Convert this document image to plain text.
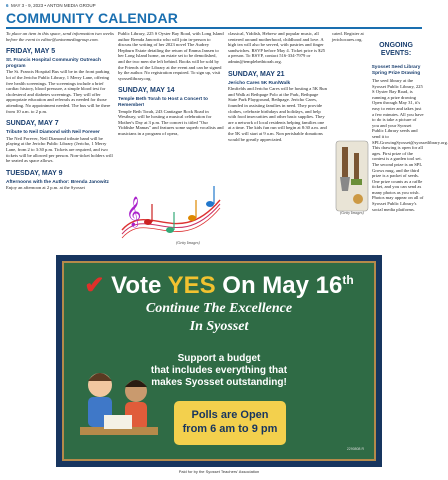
6 MAY 3 - 9, 2023 • ANTON MEDIA GROUP
COMMUNITY CALENDAR

To place an item in this space, send information two weeks before the event to editor@antonmediagroup.com.

FRIDAY, MAY 5
St. Francis Hospital Community Outreach program

The St. Francis Hospital Bus will be in the front parking lot of the Jericho Public Library, 1 Merry Lane, offering free health screenings. The screenings include a brief cardiac history, blood pressure, a simple blood test for cholesterol and diabetes screenings. They will offer appropriate education and referrals as needed for those attending. No appointment needed. The bus will be there from 10 a.m. to 2 p.m.

SUNDAY, MAY 7
Tribute to Neil Diamond with Neil Forever

The Neil Forever, Neil Diamond tribute band will be playing at the Jericho Public Library (Jericho, 1 Merry Lane, from 2 to 3:30 p.m. Tickets are required, and two tickets will be allowed per person. Non-ticket holders will be seated as space allows.

TUESDAY, MAY 9
Afternoons with the Author: Brenda Janowitz

Enjoy an afternoon at 2 p.m. at the Syosset

Public Library, 225 S Oyster Bay Road, with Long Island author Brenda Janowitz who will join in-person to discuss the writing of her 2023 novel The Audrey Hepburn Estate detailing the return of Emma Jansen to her Long Island home, an estate set to be demolished, and the two men she left behind. Books will be sold by the Friends of the Library at the event and can be signed by the author. No registration required. To sign up, visit syossetlibrary.org.

SUNDAY, MAY 14
Temple Beth Torah to Host a Concert to Remember!

Temple Beth Torah, 243 Cantiague Rock Road in Westbury, will be hosting a musical celebration for Mother's Day at 3 p.m. The concert is titled "Our Yiddishe Mamas" and features some superb vocalists and musicians in a program of opera,

𝄞
(Getty Images)

classical, Yiddish, Hebrew and popular music, all centered around motherhood, childhood and love. A high tea will also be served, with pastries and finger sandwiches. RSVP before May 4. Ticket price is $25 a person. To RSVP, contact 516-334-7979 or admin@templebethtorah.org.

SUNDAY, MAY 21
Jericho Cares 5K Run/Walk

Elmfields and Jericho Cares will be hosting a 5K Run and Walk at Bethpage Polo at the Park, Bethpage State Park Playground, Bethpage. Jericho Cares, founded in assisting families in need. They provide clothes, celebrate birthdays and holidays, and help with food insecurities and other basic supplies. They are a network of local residents helping families one at a time. The kids fun run will begin at 8:30 a.m. and the 5K will start at 9 a.m. Non perishable donations would be greatly appreciated.

cated. Register at jerichocares.org.

ONGOING EVENTS:
Syosset Seed Library Spring Prize Drawing
(Getty Images)
The seed library at the Syosset Public Library, 225 S Oyster Bay Road, is running a prize drawing Open through May 31, it's easy to enter and takes just a few minutes. All you have to do is take a picture of you and your Syosset Public Library seeds and send it to SPLGrowingSyosset@syossetlibrary.org. This drawing is open for all ages. First prize of the contest is a garden tool set. The second prize is an SPL Grows mug, and the third prize is a packet of seeds. One prize counts as a raffle ticket, and you can send as many photos as you wish. Photos may appear on all of Syosset Public Library's social media platforms.
✔ Vote YES On May 16th
Continue The Excellence
In Syosset
Support a budget
that includes everything that
makes Syosset outstanding!
Polls are Open
from 6 am to 9 pm
2290808 R
Paid for by the Syosset Teachers' Association
